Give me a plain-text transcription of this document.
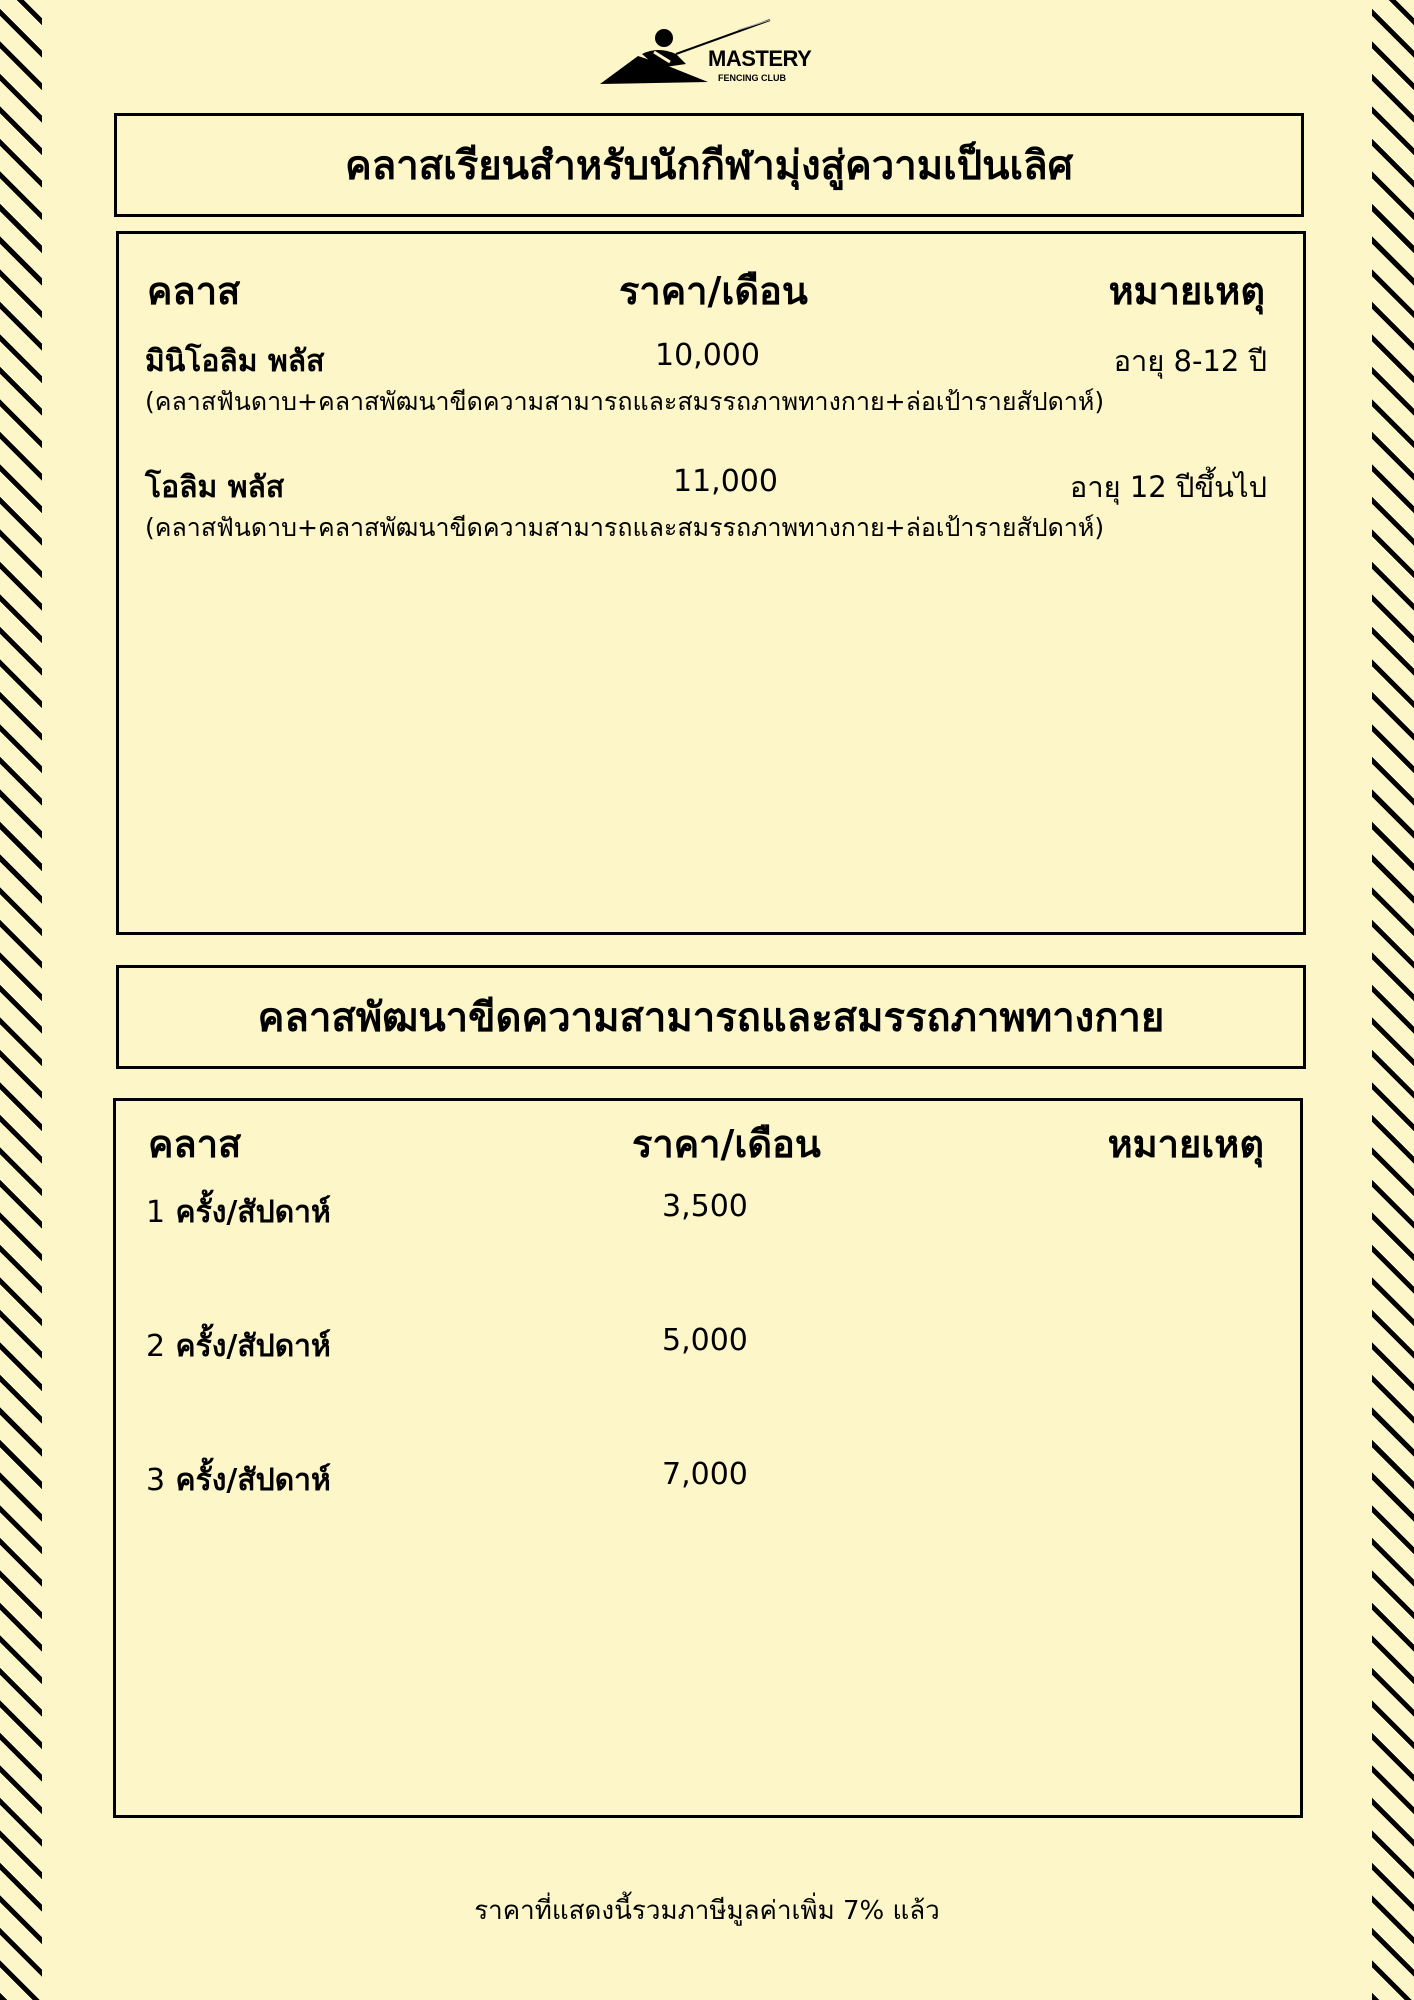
MASTERY
FENCING CLUB
คลาสเรียนสำหรับนักกีฬามุ่งสู่ความเป็นเลิศ
คลาส	ราคา/เดือน	หมายเหตุ
มินิโอลิม พลัส	10,000	อายุ 8-12 ปี
(คลาสฟันดาบ+คลาสพัฒนาขีดความสามารถและสมรรถภาพทางกาย+ล่อเป้ารายสัปดาห์)
โอลิม พลัส	11,000	อายุ 12 ปีขึ้นไป
(คลาสฟันดาบ+คลาสพัฒนาขีดความสามารถและสมรรถภาพทางกาย+ล่อเป้ารายสัปดาห์)
คลาสพัฒนาขีดความสามารถและสมรรถภาพทางกาย
คลาส	ราคา/เดือน	หมายเหตุ
1 ครั้ง/สัปดาห์	3,500
2 ครั้ง/สัปดาห์	5,000
3 ครั้ง/สัปดาห์	7,000
ราคาที่แสดงนี้รวมภาษีมูลค่าเพิ่ม 7% แล้ว
